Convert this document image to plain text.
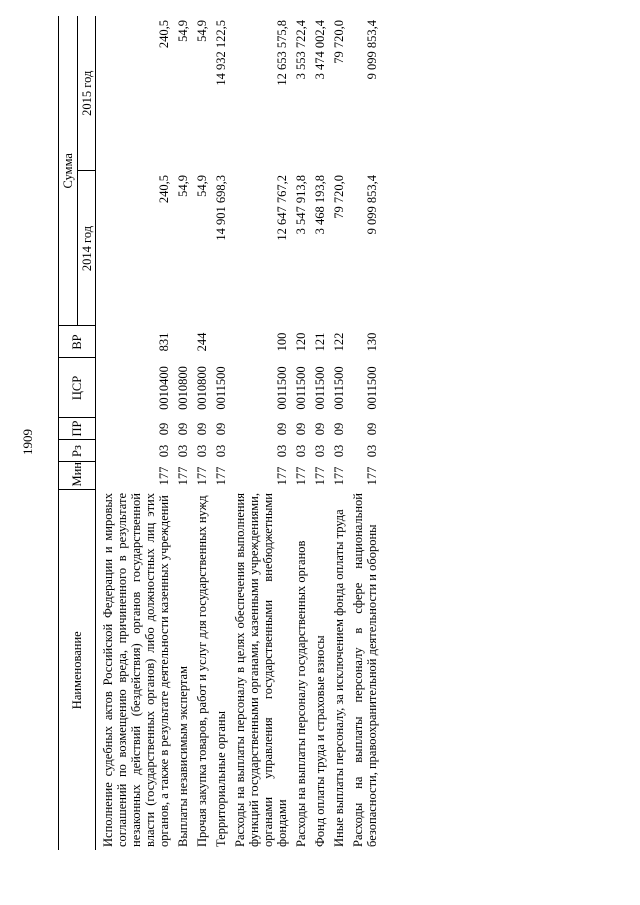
1909
Наименование	Мин	Рз	ПР	ЦСР	ВР	Сумма	
						2014 год	2015 год
Исполнение судебных актов Российской Федерации и мировых соглашений по возмещению вреда, причиненного в результате незаконных действий (бездействия) органов государственной власти (государственных органов) либо должностных лиц этих органов, а также в результате деятельности казенных учреждений	177	03	09	0010400	831	240,5	240,5
Выплаты независимым экспертам	177	03	09	0010800		54,9	54,9
Прочая закупка товаров, работ и услуг для государственных нужд	177	03	09	0010800	244	54,9	54,9
Территориальные органы	177	03	09	0011500		14 901 698,3	14 932 122,5
Расходы на выплаты персоналу в целях обеспечения выполнения функций государственными органами, казенными учреждениями, органами управления государственными внебюджетными фондами	177	03	09	0011500	100	12 647 767,2	12 653 575,8
Расходы на выплаты персоналу государственных органов	177	03	09	0011500	120	3 547 913,8	3 553 722,4
Фонд оплаты труда и страховые взносы	177	03	09	0011500	121	3 468 193,8	3 474 002,4
Иные выплаты персоналу, за исключением фонда оплаты труда	177	03	09	0011500	122	79 720,0	79 720,0
Расходы на выплаты персоналу в сфере национальной безопасности, правоохранительной деятельности и обороны	177	03	09	0011500	130	9 099 853,4	9 099 853,4
